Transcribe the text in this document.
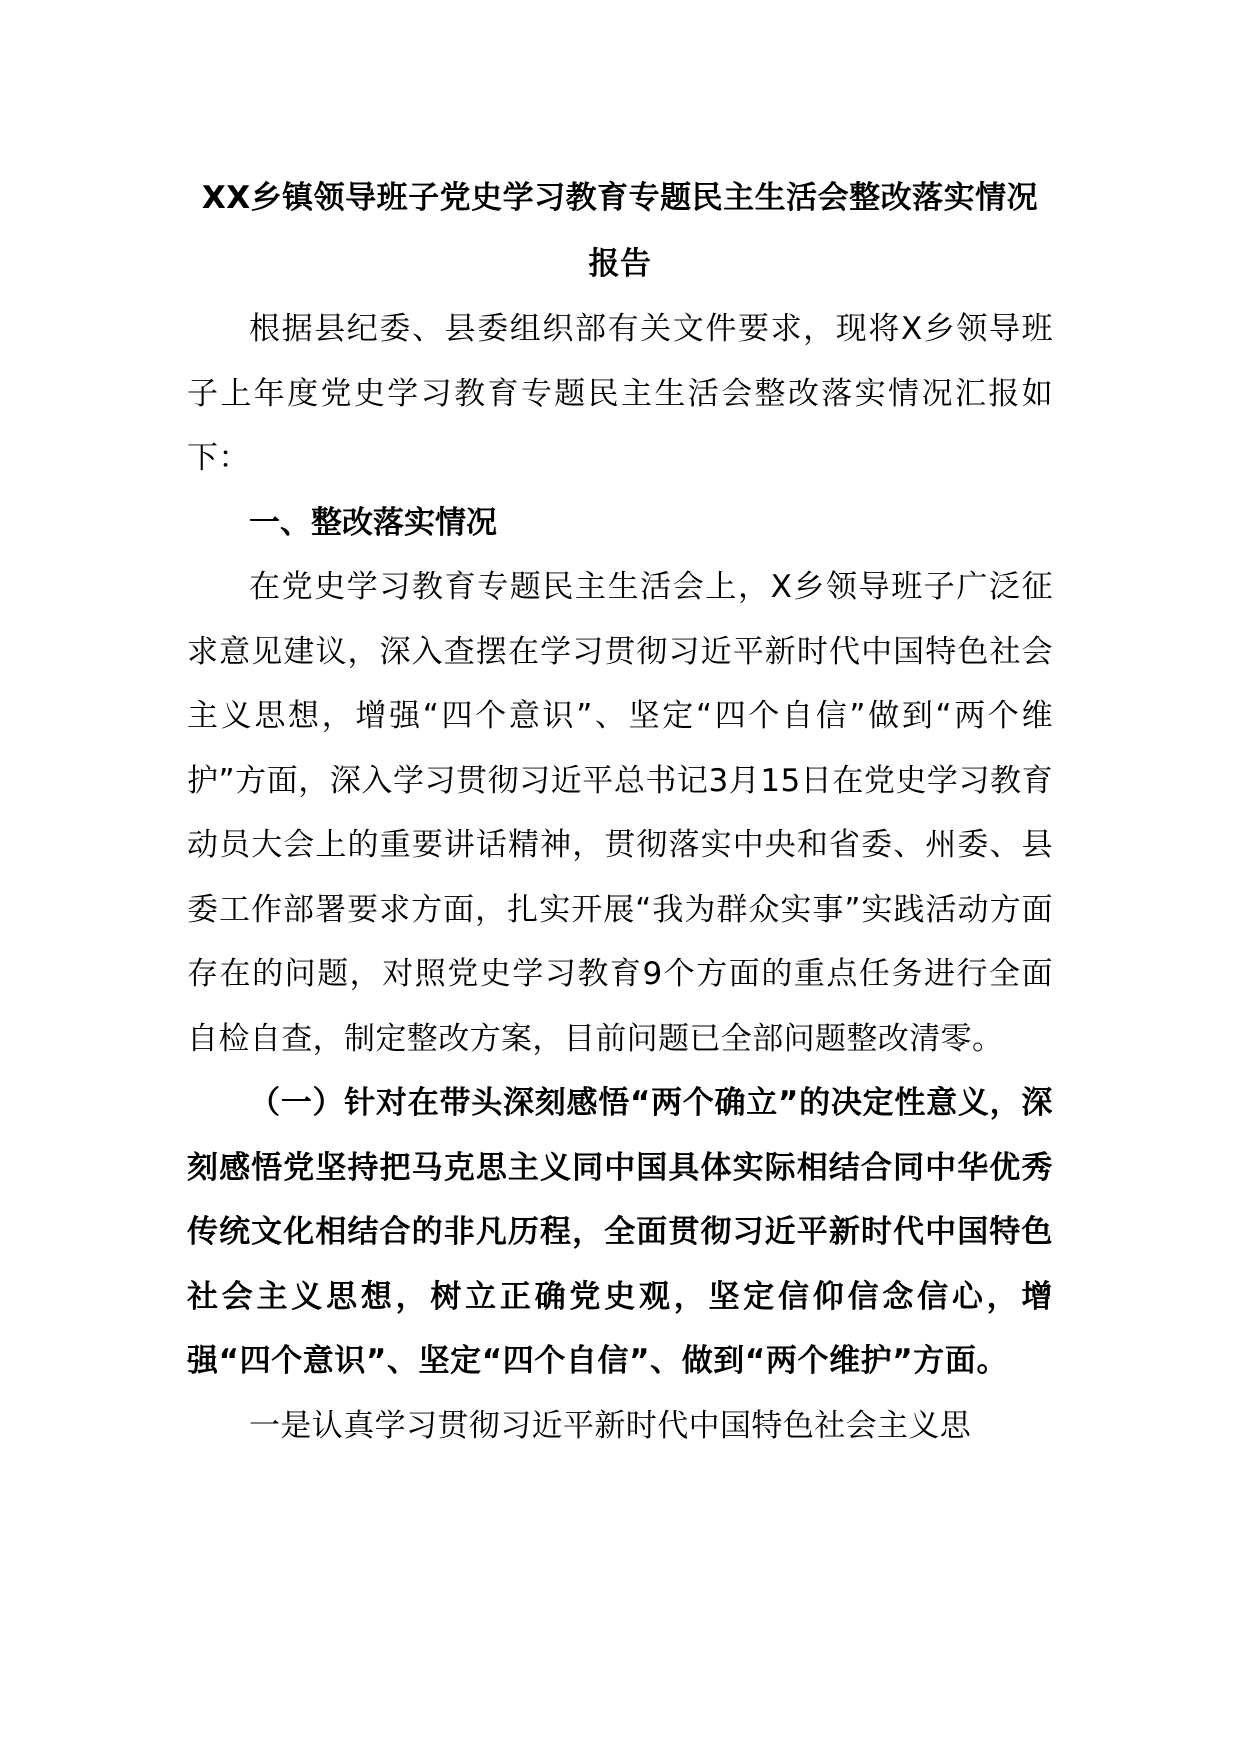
XX乡镇领导班子党史学习教育专题民主生活会整改落实情况报告

根据县纪委、县委组织部有关文件要求，现将X乡领导班子上年度党史学习教育专题民主生活会整改落实情况汇报如下：

一、整改落实情况

在党史学习教育专题民主生活会上，X乡领导班子广泛征求意见建议，深入查摆在学习贯彻习近平新时代中国特色社会主义思想，增强“四个意识”、坚定“四个自信”做到“两个维护”方面，深入学习贯彻习近平总书记3月15日在党史学习教育动员大会上的重要讲话精神，贯彻落实中央和省委、州委、县委工作部署要求方面，扎实开展“我为群众实事”实践活动方面存在的问题，对照党史学习教育9个方面的重点任务进行全面自检自查，制定整改方案，目前问题已全部问题整改清零。

（一）针对在带头深刻感悟“两个确立”的决定性意义，深刻感悟党坚持把马克思主义同中国具体实际相结合同中华优秀传统文化相结合的非凡历程，全面贯彻习近平新时代中国特色社会主义思想，树立正确党史观，坚定信仰信念信心，增强“四个意识”、坚定“四个自信”、做到“两个维护”方面。

一是认真学习贯彻习近平新时代中国特色社会主义思
